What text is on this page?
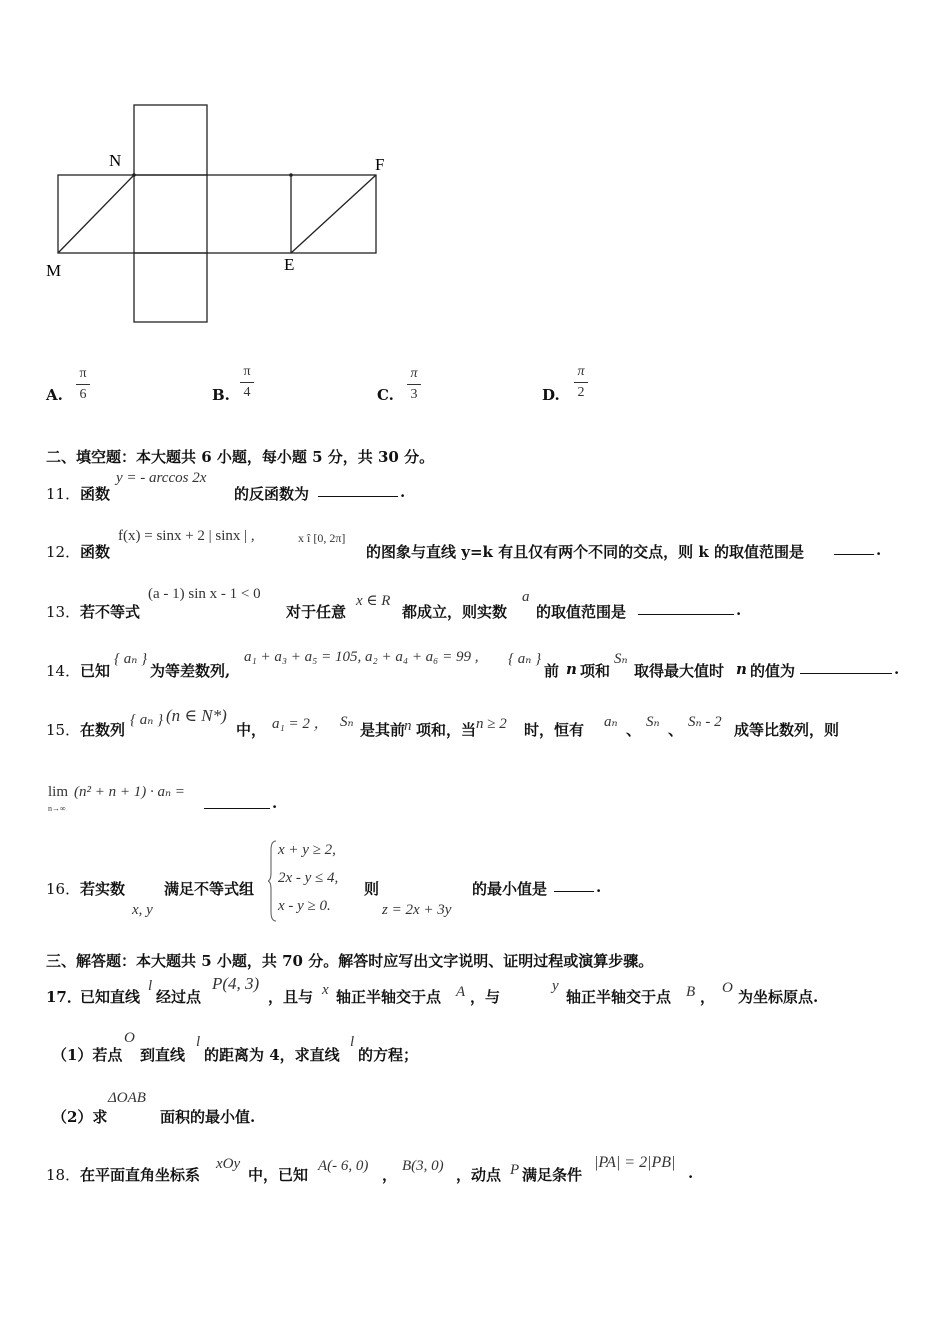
N	F
M	E
A.
π
6	B.
π
4	C.
π
3	D.
π
2
二、填空题：本大题共 6 小题，每小题 5 分，共 30 分。
11． 函数
y = - arccos 2x
的反函数为	.
12． 函数
f(x) = sinx + 2 | sinx | ,	x î [0, 2π]
的图象与直线 y=k 有且仅有两个不同的交点，则 k 的取值范围是	.
13． 若不等式
(a - 1) sin x - 1 < 0
对于任意
x ∈ R
都成立，则实数
a
的取值范围是	.
14． 已知
{ aₙ }
为等差数列,
a₁ + a₃ + a₅ = 105, a₂ + a₄ + a₆ = 99 , { aₙ }
前 n 项和
Sₙ
取得最大值时 n 的值为	.
15． 在数列
{ aₙ } (n ∈ N*)
中， a₁ = 2 ， Sₙ 是其前
n 项和，当 n ≥ 2 时，恒有 aₙ 、 Sₙ 、 Sₙ - 2 成等比数列，则
lim
n→∞
(n² + n + 1) · aₙ =
.
16． 若实数
x, y
满足不等式组
x + y ≥ 2,
2x - y ≤ 4,
x - y ≥ 0.
则
z = 2x + 3y
的最小值是	.
三、解答题：本大题共 5 小题，共 70 分。解答时应写出文字说明、证明过程或演算步骤。
17．
已知直线
l
经过点
P(4, 3)
，且与 x 轴正半轴交于点 A ，与
y
轴正半轴交于点 B ， O 为坐标原点.
（1）若点
O
到直线
l
的距离为 4，求直线
l
的方程；
（2）求
ΔOAB
面积的最小值.
18． 在平面直角坐标系
xOy
中，已知 A(- 6, 0) ， B(3, 0) ，动点 P 满足条件
|PA| = 2|PB|
.
